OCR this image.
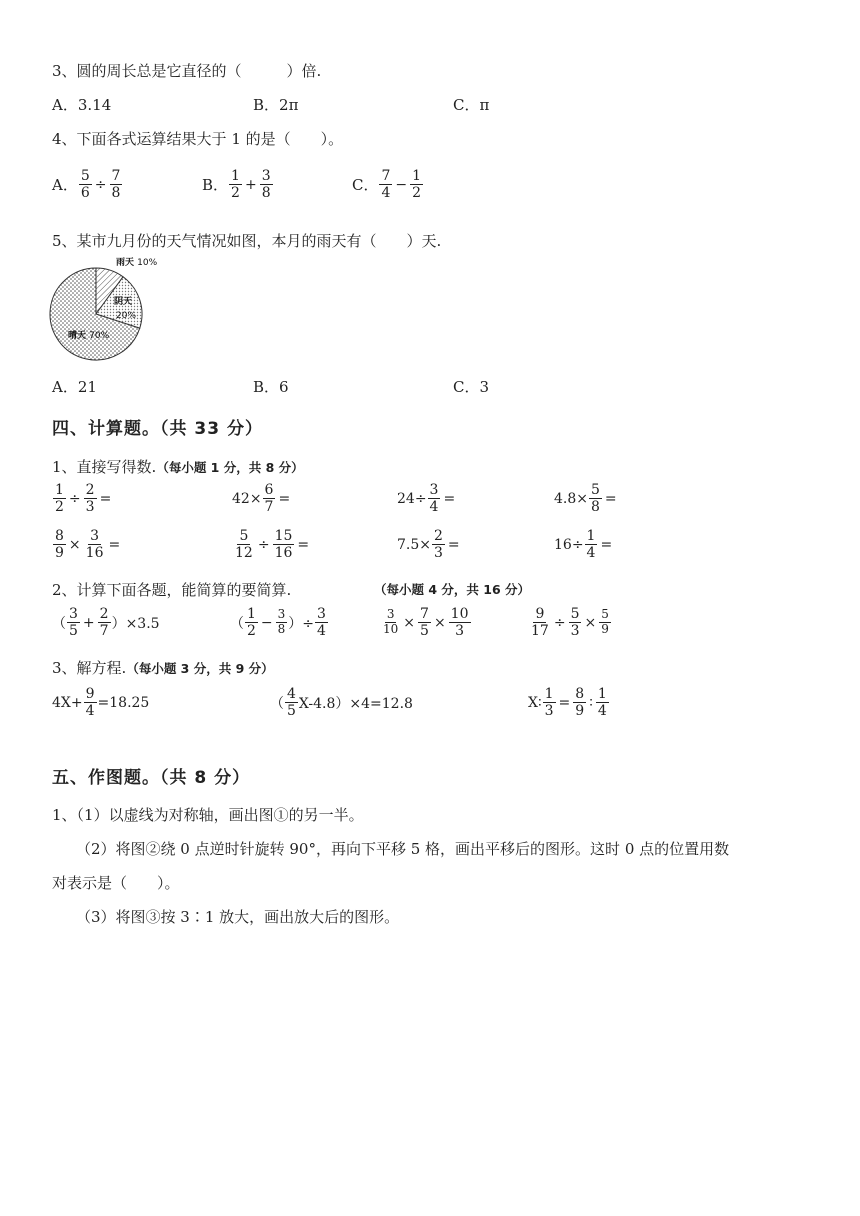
3、圆的周长总是它直径的（　　　）倍.
A．3.14	B．2π	C．π
4、下面各式运算结果大于 1 的是（　　）。
A． $\frac{5}{6} \div \frac{7}{8}$	B． $\frac{1}{2} + \frac{3}{8}$	C． $\frac{7}{4} - \frac{1}{2}$
5、某市九月份的天气情况如图，本月的雨天有（　　）天.
雨天 10%
阴天
20%
晴天 70%
A．21	B．6	C．3
四、计算题。（共 33 分）
1、直接写得数.（每小题 1 分，共 8 分）
$\frac{1}{2} \div \frac{2}{3}$ =	$42\times \frac{6}{7}$ =	$24\div \frac{3}{4}$ =	$4.8\times \frac{5}{8}$ =
$\frac{8}{9} \times \frac{3}{16}$ =	$\frac{5}{12} \div \frac{15}{16}$ =	$7.5\times \frac{2}{3}$ =	$16\div \frac{1}{4}$ =
2、计算下面各题，能简算的要简算.	（每小题 4 分，共 16 分）
（ $\frac{3}{5} + \frac{2}{7} )\times 3.5$	（ $\frac{1}{2} - \frac{3}{8}$ ）÷ $\frac{3}{4}$	$\frac{3}{10} \times \frac{7}{5} \times \frac{10}{3}$	$\frac{9}{17} \div \frac{5}{3} \times \frac{5}{9}$
3、解方程.（每小题 3 分，共 9 分）
$4X+ \frac{9}{4} =18.25$	（ $\frac{4}{5} X-4.8)\times 4=12.8$	X∶ $\frac{1}{3} = \frac{8}{9}$ ∶ $\frac{1}{4}$
五、作图题。（共 8 分）
1、（1）以虚线为对称轴，画出图①的另一半。
（2）将图②绕 0 点逆时针旋转 90°，再向下平移 5 格，画出平移后的图形。这时 0 点的位置用数
对表示是（　　）。
（3）将图③按 3∶1 放大，画出放大后的图形。
